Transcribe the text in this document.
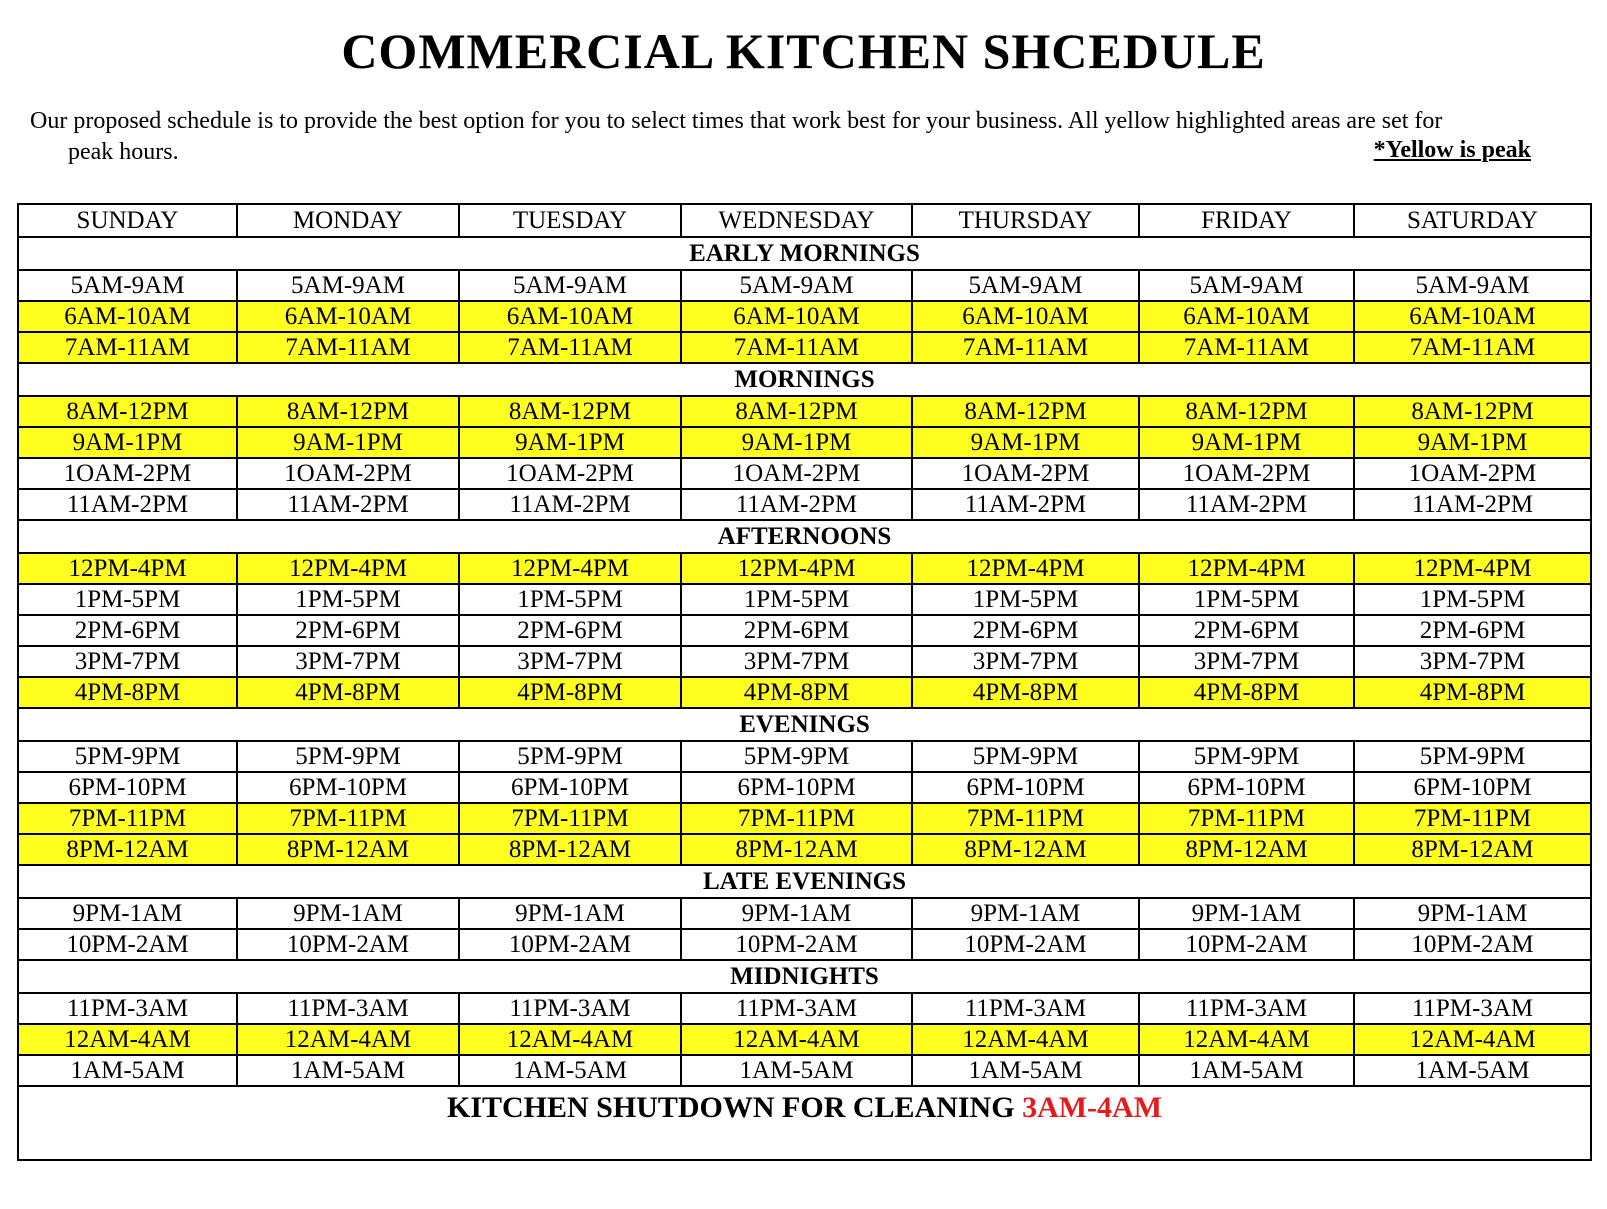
COMMERCIAL KITCHEN SHCEDULE
Our proposed schedule is to provide the best option for you to select times that work best for your business. All yellow highlighted areas are set for
peak hours.	*Yellow is peak
SUNDAY	MONDAY	TUESDAY	WEDNESDAY	THURSDAY	FRIDAY	SATURDAY
EARLY MORNINGS						
5AM-9AM	5AM-9AM	5AM-9AM	5AM-9AM	5AM-9AM	5AM-9AM	5AM-9AM
6AM-10AM	6AM-10AM	6AM-10AM	6AM-10AM	6AM-10AM	6AM-10AM	6AM-10AM
7AM-11AM	7AM-11AM	7AM-11AM	7AM-11AM	7AM-11AM	7AM-11AM	7AM-11AM
MORNINGS						
8AM-12PM	8AM-12PM	8AM-12PM	8AM-12PM	8AM-12PM	8AM-12PM	8AM-12PM
9AM-1PM	9AM-1PM	9AM-1PM	9AM-1PM	9AM-1PM	9AM-1PM	9AM-1PM
1OAM-2PM	1OAM-2PM	1OAM-2PM	1OAM-2PM	1OAM-2PM	1OAM-2PM	1OAM-2PM
11AM-2PM	11AM-2PM	11AM-2PM	11AM-2PM	11AM-2PM	11AM-2PM	11AM-2PM
AFTERNOONS						
12PM-4PM	12PM-4PM	12PM-4PM	12PM-4PM	12PM-4PM	12PM-4PM	12PM-4PM
1PM-5PM	1PM-5PM	1PM-5PM	1PM-5PM	1PM-5PM	1PM-5PM	1PM-5PM
2PM-6PM	2PM-6PM	2PM-6PM	2PM-6PM	2PM-6PM	2PM-6PM	2PM-6PM
3PM-7PM	3PM-7PM	3PM-7PM	3PM-7PM	3PM-7PM	3PM-7PM	3PM-7PM
4PM-8PM	4PM-8PM	4PM-8PM	4PM-8PM	4PM-8PM	4PM-8PM	4PM-8PM
EVENINGS						
5PM-9PM	5PM-9PM	5PM-9PM	5PM-9PM	5PM-9PM	5PM-9PM	5PM-9PM
6PM-10PM	6PM-10PM	6PM-10PM	6PM-10PM	6PM-10PM	6PM-10PM	6PM-10PM
7PM-11PM	7PM-11PM	7PM-11PM	7PM-11PM	7PM-11PM	7PM-11PM	7PM-11PM
8PM-12AM	8PM-12AM	8PM-12AM	8PM-12AM	8PM-12AM	8PM-12AM	8PM-12AM
LATE EVENINGS						
9PM-1AM	9PM-1AM	9PM-1AM	9PM-1AM	9PM-1AM	9PM-1AM	9PM-1AM
10PM-2AM	10PM-2AM	10PM-2AM	10PM-2AM	10PM-2AM	10PM-2AM	10PM-2AM
MIDNIGHTS						
11PM-3AM	11PM-3AM	11PM-3AM	11PM-3AM	11PM-3AM	11PM-3AM	11PM-3AM
12AM-4AM	12AM-4AM	12AM-4AM	12AM-4AM	12AM-4AM	12AM-4AM	12AM-4AM
1AM-5AM	1AM-5AM	1AM-5AM	1AM-5AM	1AM-5AM	1AM-5AM	1AM-5AM
KITCHEN SHUTDOWN FOR CLEANING 3AM-4AM						
